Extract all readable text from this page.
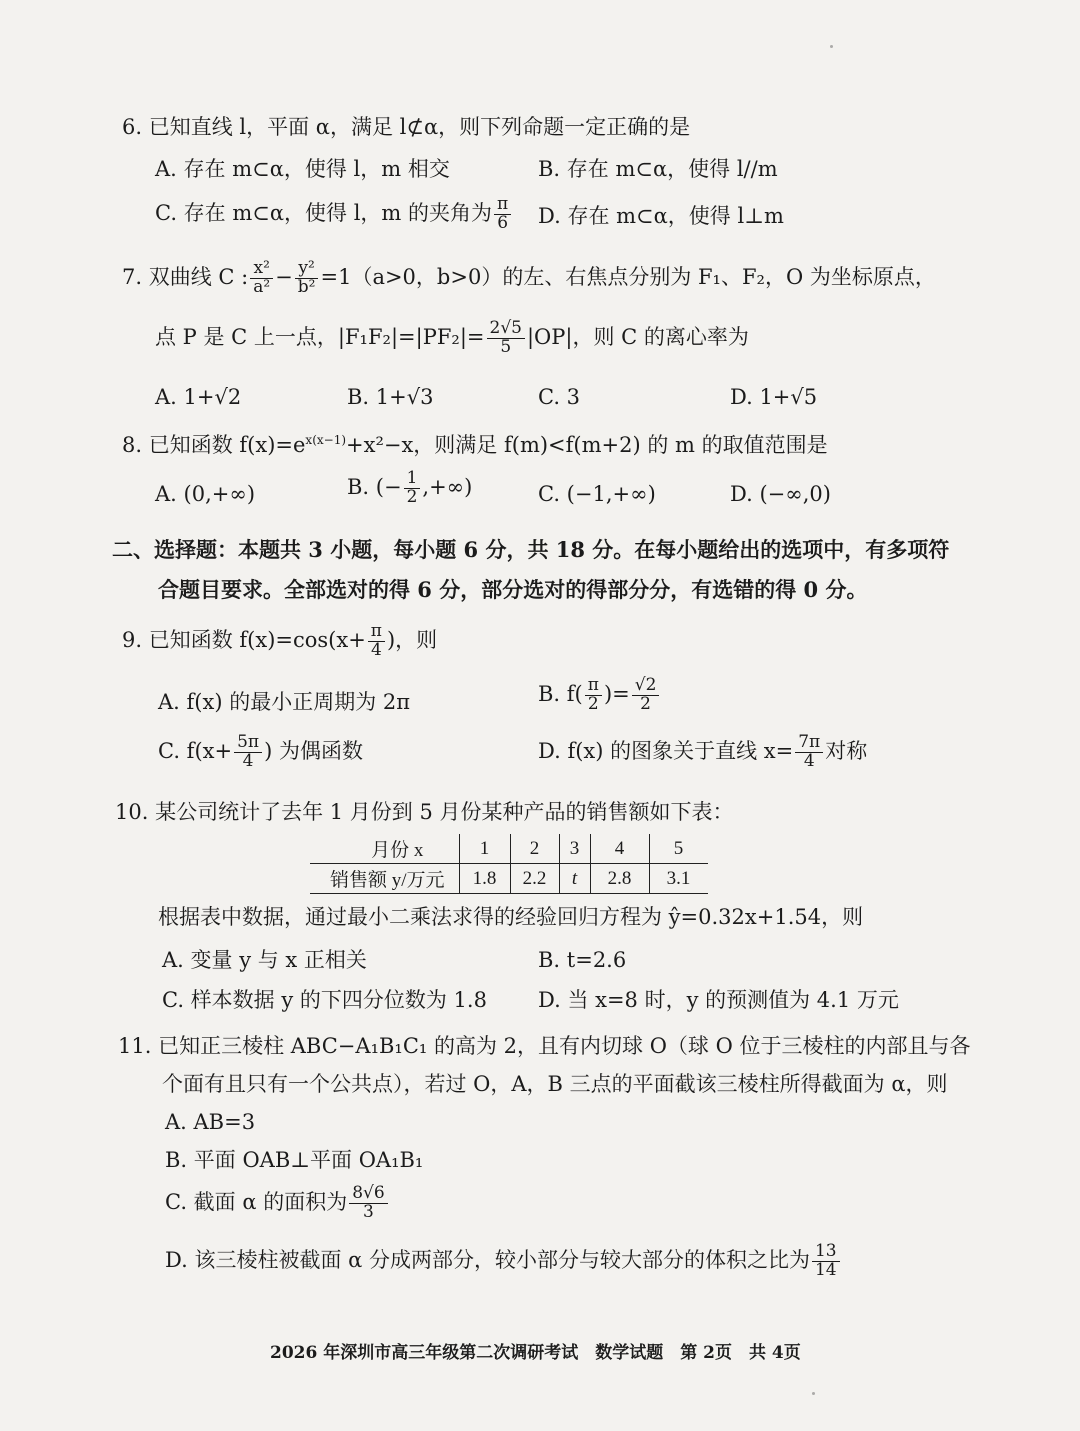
6. 已知直线 l，平面 α，满足 l⊄α，则下列命题一定正确的是
A. 存在 m⊂α，使得 l，m 相交	B. 存在 m⊂α，使得 l//m
C. 存在 m⊂α，使得 l，m 的夹角为 $\frac{\pi}{6} D$. 存在 m⊂α，使得 l⊥m
7. 双曲线 C : $\frac{\text{x²}}{\text{a²}} - \frac{\text{y²}}{\text{b²}} =1(a>0$，b>0）的左、右焦点分别为 F₁、F₂，O 为坐标原点，
点 P 是 C 上一点，$|F_1F_2|=|PF_2|= \frac{2√5}{5} |OP|$，则 C 的离心率为
A. 1+√2	B. 1+√3	C. 3	D. 1+√5
8. 已知函数 $f(x)=e^{x(x-1)}+x^2-x$，则满足 f(m)<f(m+2) 的 m 的取值范围是
A. (0,+∞)	B. (− $\frac{1}{2}$ ,+∞)	C. (−1,+∞)	D. (−∞,0)
二、选择题：本题共 3 小题，每小题 6 分，共 18 分。在每小题给出的选项中，有多项符
合题目要求。全部选对的得 6 分，部分选对的得部分分，有选错的得 0 分。
9. 已知函数 $f(x)=\cos(x+ \frac{\pi}{4}$ )，则
A. f(x) 的最小正周期为 2π	B. $f( \frac{\pi}{2}$ )= $\frac{√2}{2}$
C. $f(x+ \frac{5\pi}{4}$ ) 为偶函数	D. f(x) 的图象关于直线 $x= \frac{7\pi}{4}$ 对称
10. 某公司统计了去年 1 月份到 5 月份某种产品的销售额如下表：
月份 x	1	2	3	4	5
销售额 y/万元	1.8	2.2	t	2.8	3.1
根据表中数据，通过最小二乘法求得的经验回归方程为 ŷ=0.32x+1.54，则
A. 变量 y 与 x 正相关	B. t=2.6
C. 样本数据 y 的下四分位数为 1.8 D. 当 x=8 时，y 的预测值为 4.1 万元
11. 已知正三棱柱 ABC−A₁B₁C₁ 的高为 2，且有内切球 O（球 O 位于三棱柱的内部且与各
个面有且只有一个公共点），若过 O，A，B 三点的平面截该三棱柱所得截面为 α，则
A. AB=3
B. 平面 OAB⊥平面 OA₁B₁
C. 截面 α 的面积为 $\frac{8√6}{3}$
D. 该三棱柱被截面 α 分成两部分，较小部分与较大部分的体积之比为 $\frac{13}{14}$
2026 年深圳市高三年级第二次调研考试　数学试题　第 2页　共 4页
